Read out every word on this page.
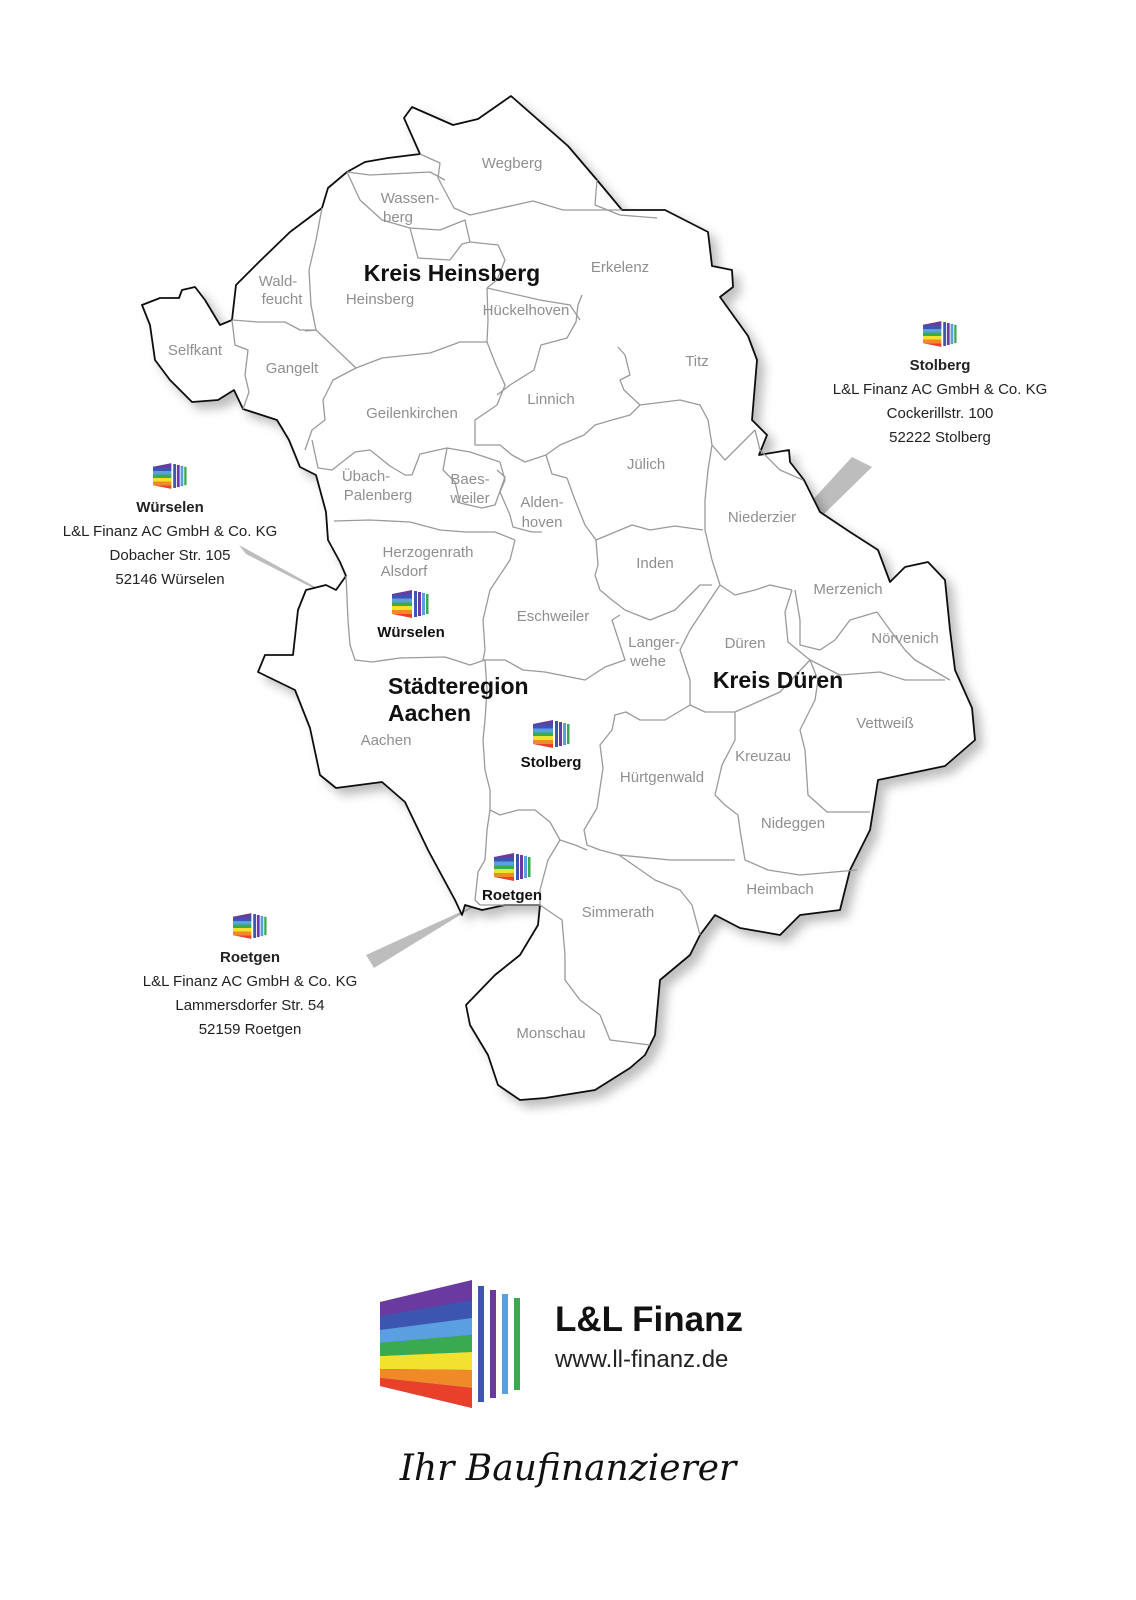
Wegberg
Wassen-
berg
Erkelenz
Wald-
feucht	Heinsberg
Hückelhoven
Selfkant
Gangelt	Titz
Linnich
Geilenkirchen
Jülich
Übach-
Palenberg
Baes-
weiler Alden-
hoven	Niederzier
Herzogenrath
Alsdorf	Inden
Merzenich
Eschweiler
Langer-
wehe
Düren	Nörvenich
Vettweiß
Aachen
Kreuzau
Hürtgenwald
Nideggen
Heimbach
Simmerath
Monschau
Kreis Heinsberg
Städteregion
Aachen
Kreis Düren
Würselen
Stolberg
Roetgen
Stolberg
L&L Finanz AC GmbH & Co. KG
Cockerillstr. 100
52222 Stolberg
Würselen
L&L Finanz AC GmbH & Co. KG
Dobacher Str. 105
52146 Würselen
Roetgen
L&L Finanz AC GmbH & Co. KG
Lammersdorfer Str. 54
52159 Roetgen
L&L Finanz
www.ll-finanz.de
Ihr Baufinanzierer
